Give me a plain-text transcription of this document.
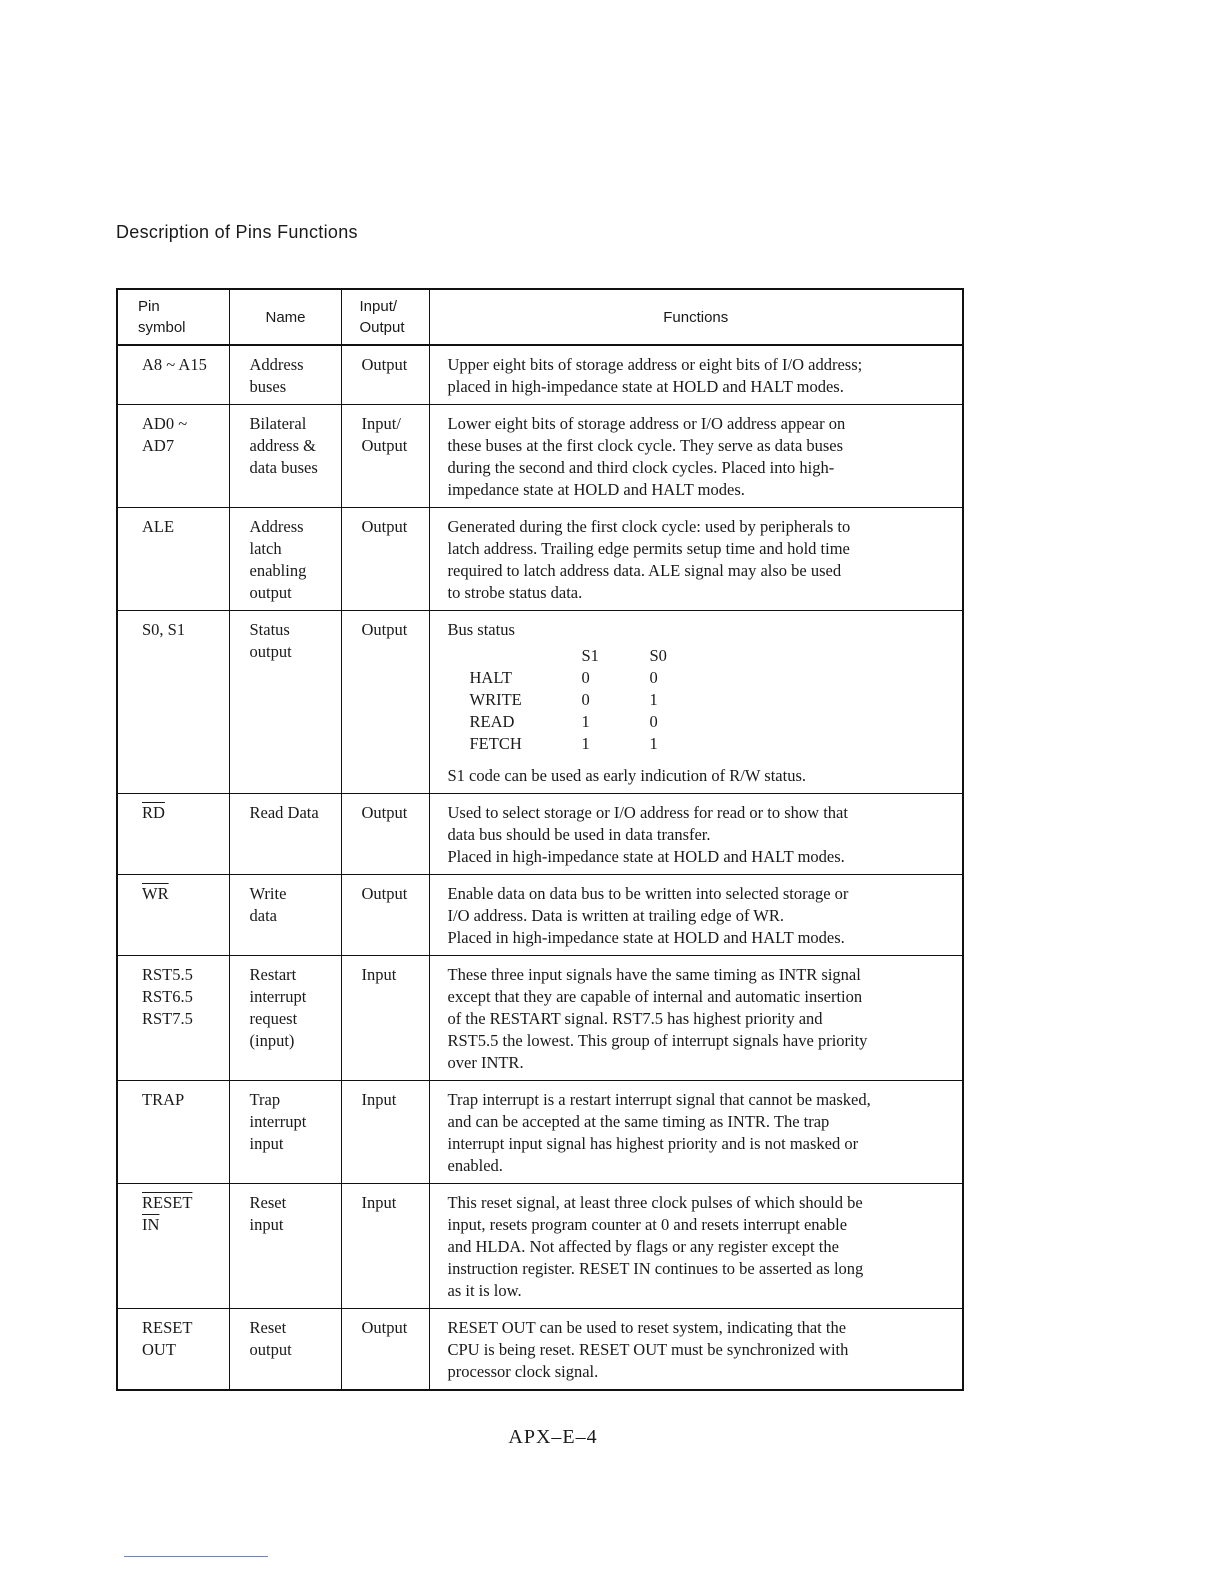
Description of Pins Functions
Pin
symbol	Name	Input/
Output	Functions
A8 ~ A15	Address
buses	Output	Upper eight bits of storage address or eight bits of I/O address;
placed in high-impedance state at HOLD and HALT modes.
AD0 ~ AD7	Bilateral
address &
data buses	Input/
Output	Lower eight bits of storage address or I/O address appear on
these buses at the first clock cycle. They serve as data buses
during the second and third clock cycles. Placed into high-
impedance state at HOLD and HALT modes.
ALE	Address
latch
enabling
output	Output	Generated during the first clock cycle: used by peripherals to
latch address. Trailing edge permits setup time and hold time
required to latch address data. ALE signal may also be used
to strobe status data.
S0, S1	Status
output	Output	Bus status
	S1	S0
HALT	0	0
WRITE	0	1
READ	1	0
FETCH	1	1
S1 code can be used as early indicution of R/W status.

$\overline{RD}$	Read Data	Output	Used to select storage or I/O address for read or to show that
data bus should be used in data transfer.
Placed in high-impedance state at HOLD and HALT modes.
$\overline{WR}$	Write
data	Output	Enable data on data bus to be written into selected storage or
I/O address. Data is written at trailing edge of WR.
Placed in high-impedance state at HOLD and HALT modes.
RST5.5
RST6.5
RST7.5	Restart
interrupt
request
(input)	Input	These three input signals have the same timing as INTR signal
except that they are capable of internal and automatic insertion
of the RESTART signal. RST7.5 has highest priority and
RST5.5 the lowest. This group of interrupt signals have priority
over INTR.
TRAP	Trap
interrupt
input	Input	Trap interrupt is a restart interrupt signal that cannot be masked,
and can be accepted at the same timing as INTR. The trap
interrupt input signal has highest priority and is not masked or
enabled.
RESET
$\overline{IN}$	Reset
input	Input	This reset signal, at least three clock pulses of which should be
input, resets program counter at 0 and resets interrupt enable
and HLDA. Not affected by flags or any register except the
instruction register. RESET IN continues to be asserted as long
as it is low.
RESET
OUT	Reset
output	Output	RESET OUT can be used to reset system, indicating that the
CPU is being reset. RESET OUT must be synchronized with
processor clock signal.
APX–E–4
